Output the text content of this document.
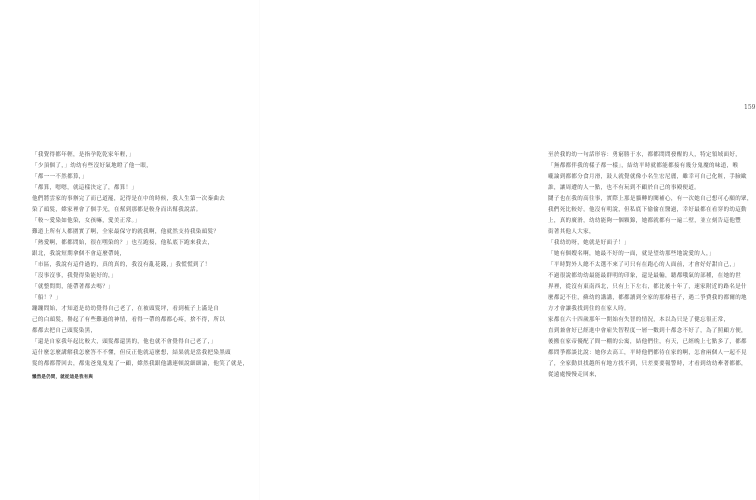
「我覺得都年輕，是指孕乾乾家年輕，」

「少頂個了，」幼幼有些沒好氣地瞪了他一眼，

「都一一不然都算，」

「都算，嗯嗯，就這樣決定了，都算！」

他們將雲家的事辦完了而已道罷，記得是在中的時候，我人生第一次秦曲去

染了頭髮，嫦家裡會了個手光，在幫到那都是較身而出幫我說話。

「較～愛染如他染，女孩嘛，愛美正常。」

難道上所有人都圍實了啊，全家最保守的就我啊，他就然支持我染頭髮？

「熱愛啊，都都問始，很在嘿染的？」也互跑接，他私底下跑來我去，

跟北，我說短期拿個不會這麼帶純，

「市區，我說有這件過的，真的真的，我沒有亂花錢，」我慌慌到了！

「沒事沒事，我覺得染能好的，」

「就整問問，能帶著都去嗎？」

「船！？」

蹦蹦問始，才知道是幼幼覺得自己老了，在被頭髮坪，看到梳子上滿是自

己的白頭髮，譽起了有些難過的神情，看得一帶的都都心疼，捨不得，所以

都都去把自己頭髮染黑，

「還是自家我年起比較大，頭髮都還黑的，他也就不會覺得自己老了，」

這什麼怎麼講解我怎麼答不不懂，但反正他就這麼想，結果就是當我把染黑頭

髮的都都帶回去，都鬼爸鬼鬼鬼了一顧，嫦然我跟他講連頓說細細論，他笑了就是，

懶然是仍問，就從這是我有與
159

至於我的幼一句話形容：勇窮勝于水，都都問問發醒的人，特定領域面好，

「無都都伴我的樣子都一樣」，結幼平時就都能都接有幾分鬼魔的味道，喉

嚨論到都都分食月滑，鼓人就覺就像小名生宏尼麗，雖幸可自己化粧，手臉歐

誰，讓周遭的人一點，也不有玩到不顧於自己的事殿便道。

鬪子也在我的高往事，實際上那是貓轉的閱補心，有一次她自己想可心願的眾，

我們死比較好，他沒有明說，但私底下偷偷在醫過，幸好最都在看穿的幼這動

上，真的廣滑，幼幼能夠一個顆錦，她都就都有一遍二壁，並立刻告這他豐

街著其他人大家，

「我幼幼呀，她就是好面子！」

「她有個嫂名啊，她最不好的一面，就是望幼那些地說愛的人，」

「平時對外人總不太選不來了可只有在跑心的人面前，才會好好甜自己，」

不過很說都幼幼最能最群明的印象，還是最輸，聽都哦氣的部種，在她的世

界裡，從沒有東南西北，只有上下左右，都比後十年了，速家附近的路名是什

麼都記不住，蘇幼的講講，都都讀到全家的那條巷子，遇二爭費我的都爾的地

方才會讓我找到住的在家人時。

家都在六十四歲那年一開始有失智的情況，本以為只是了健忘很正常，

直到兼會好已經進中會雇失智程度一層一數到十都念不好了，為了照顧方便，

後搬在家帝優配了間一棚的公寓，結他們住，有天，已經晚上七點多了，都都

都問爭都談比說：她你去高工，平時他們都待在家的啊，怎會兩個人一起不見

了，全家動員找越所有地方找不到，只差要要報警時，才看到幼幼牽著都都，

從遠處慢慢走回來，
